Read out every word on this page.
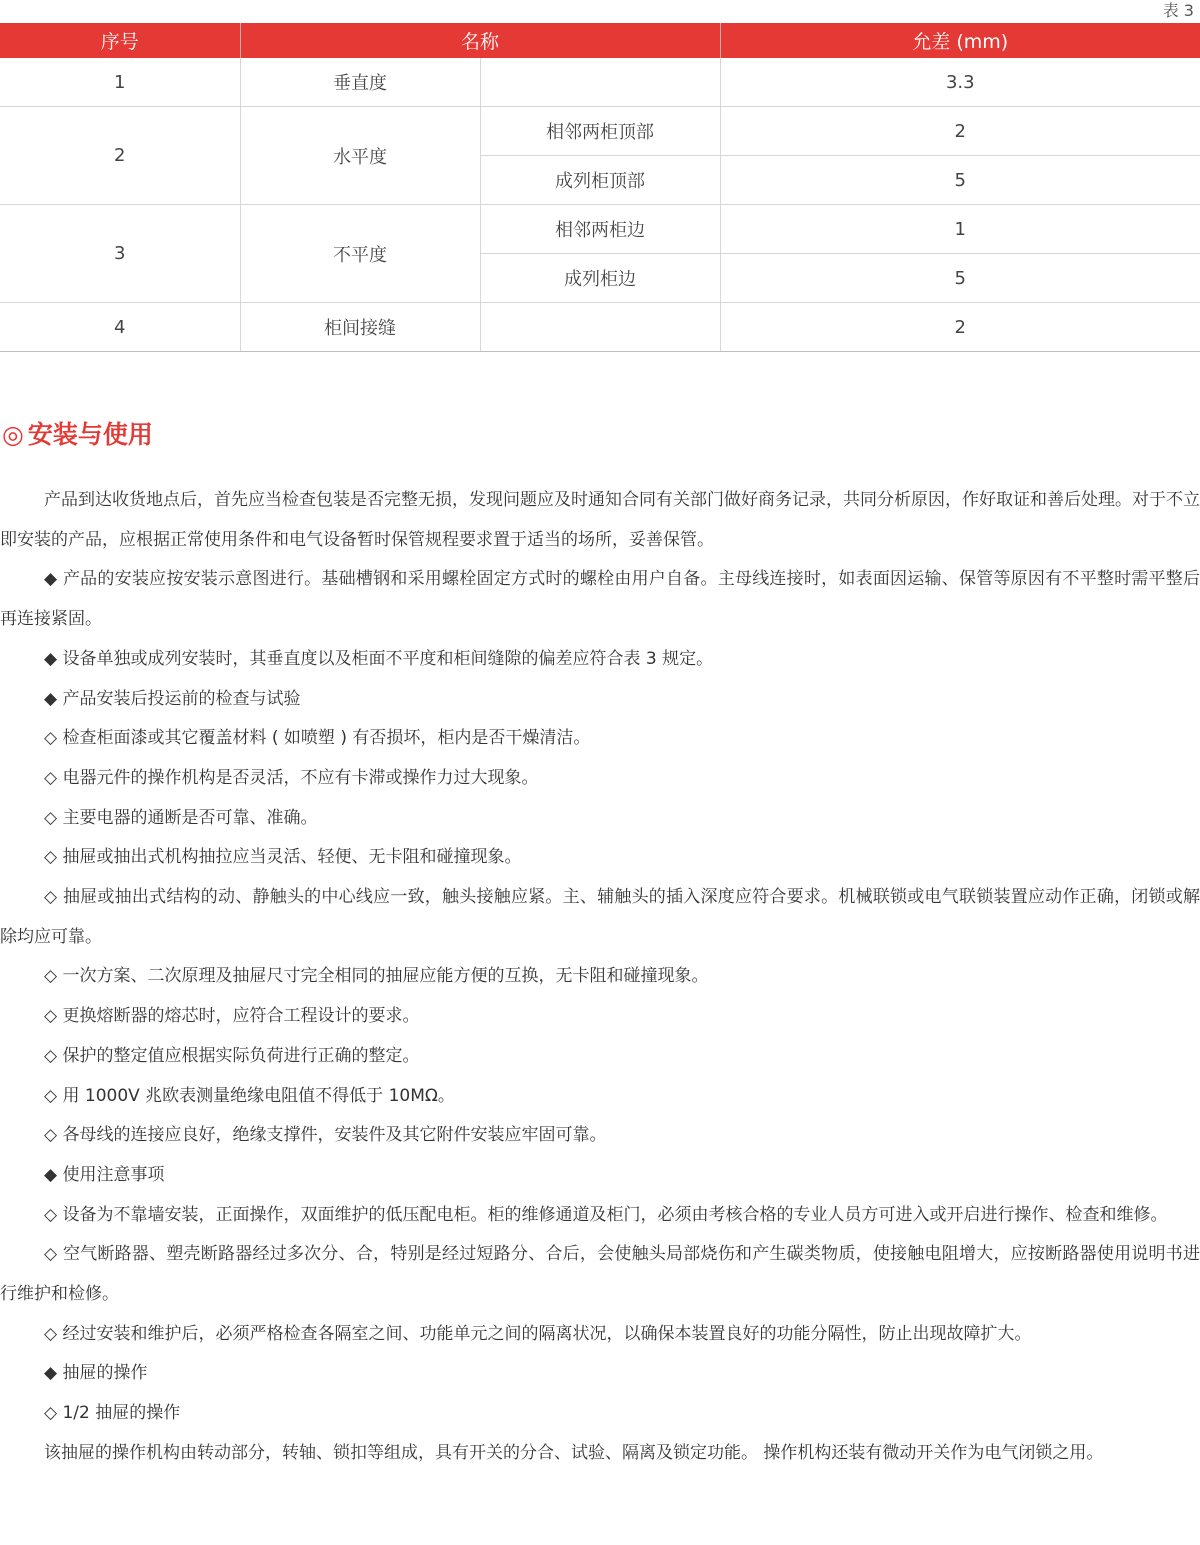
表 3
序号	名称		允差 (mm)
1	垂直度		3.3
2	水平度	相邻两柜顶部	2
		成列柜顶部	5
3	不平度	相邻两柜边	1
		成列柜边	5
4	柜间接缝		2
◎ 安装与使用

产品到达收货地点后，首先应当检查包装是否完整无损，发现问题应及时通知合同有关部门做好商务记录，共同分析原因，作好取证和善后处理。对于不立即安装的产品，应根据正常使用条件和电气设备暂时保管规程要求置于适当的场所，妥善保管。

◆ 产品的安装应按安装示意图进行。基础槽钢和采用螺栓固定方式时的螺栓由用户自备。主母线连接时，如表面因运输、保管等原因有不平整时需平整后再连接紧固。

◆ 设备单独或成列安装时，其垂直度以及柜面不平度和柜间缝隙的偏差应符合表 3 规定。

◆ 产品安装后投运前的检查与试验

◇ 检查柜面漆或其它覆盖材料 ( 如喷塑 ) 有否损坏，柜内是否干燥清洁。

◇ 电器元件的操作机构是否灵活，不应有卡滞或操作力过大现象。

◇ 主要电器的通断是否可靠、准确。

◇ 抽屉或抽出式机构抽拉应当灵活、轻便、无卡阻和碰撞现象。

◇ 抽屉或抽出式结构的动、静触头的中心线应一致，触头接触应紧。主、辅触头的插入深度应符合要求。机械联锁或电气联锁装置应动作正确，闭锁或解除均应可靠。

◇ 一次方案、二次原理及抽屉尺寸完全相同的抽屉应能方便的互换，无卡阻和碰撞现象。

◇ 更换熔断器的熔芯时，应符合工程设计的要求。

◇ 保护的整定值应根据实际负荷进行正确的整定。

◇ 用 1000V 兆欧表测量绝缘电阻值不得低于 10MΩ。

◇ 各母线的连接应良好，绝缘支撑件，安装件及其它附件安装应牢固可靠。

◆ 使用注意事项

◇ 设备为不靠墙安装，正面操作，双面维护的低压配电柜。柜的维修通道及柜门，必须由考核合格的专业人员方可进入或开启进行操作、检查和维修。

◇ 空气断路器、塑壳断路器经过多次分、合，特别是经过短路分、合后，会使触头局部烧伤和产生碳类物质，使接触电阻增大，应按断路器使用说明书进行维护和检修。

◇ 经过安装和维护后，必须严格检查各隔室之间、功能单元之间的隔离状况，以确保本装置良好的功能分隔性，防止出现故障扩大。

◆ 抽屉的操作

◇ 1/2 抽屉的操作

该抽屉的操作机构由转动部分，转轴、锁扣等组成，具有开关的分合、试验、隔离及锁定功能。 操作机构还装有微动开关作为电气闭锁之用。
